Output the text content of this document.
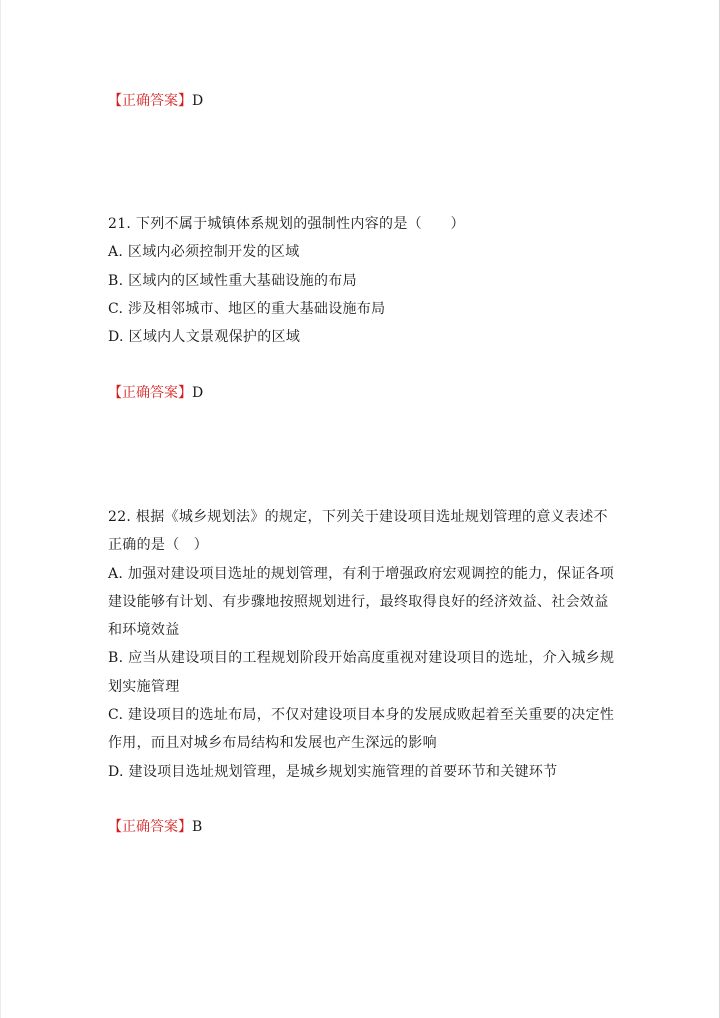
【正确答案】D
21. 下列不属于城镇体系规划的强制性内容的是（　　）
A. 区域内必须控制开发的区域
B. 区域内的区域性重大基础设施的布局
C. 涉及相邻城市、地区的重大基础设施布局
D. 区域内人文景观保护的区域
【正确答案】D
22. 根据《城乡规划法》的规定，下列关于建设项目选址规划管理的意义表述不
正确的是（　）
A. 加强对建设项目选址的规划管理，有利于增强政府宏观调控的能力，保证各项
建设能够有计划、有步骤地按照规划进行，最终取得良好的经济效益、社会效益
和环境效益
B. 应当从建设项目的工程规划阶段开始高度重视对建设项目的选址，介入城乡规
划实施管理
C. 建设项目的选址布局，不仅对建设项目本身的发展成败起着至关重要的决定性
作用，而且对城乡布局结构和发展也产生深远的影响
D. 建设项目选址规划管理，是城乡规划实施管理的首要环节和关键环节
【正确答案】B
